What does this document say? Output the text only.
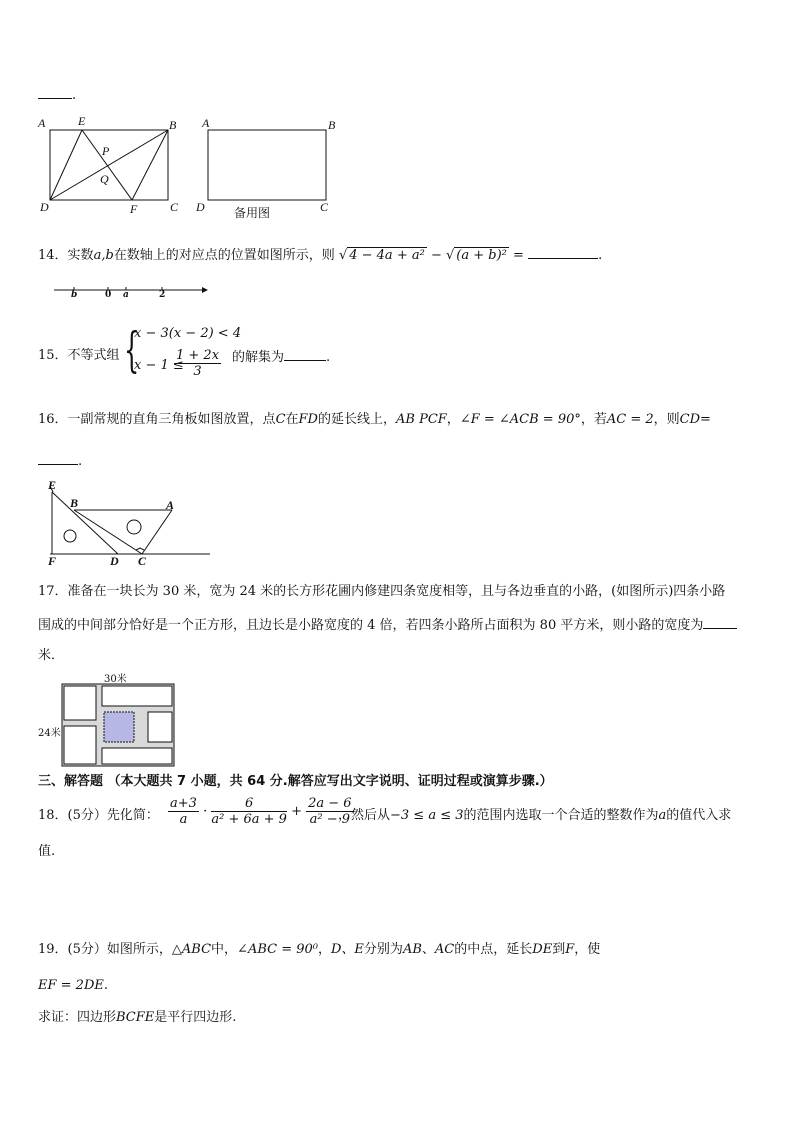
.
A	E	B
P
Q
D	F	C
A	B
D	C
备用图
14．实数a,b在数轴上的对应点的位置如图所示，则 √ 4 − 4a + a² − √ (a + b)² =	.
b	0 a	2
15．不等式组 {
x − 3(x − 2) < 4
x − 1 ≤
$\frac{1 + 2x}{3}$ 的解集为	.
16．一副常规的直角三角板如图放置，点C在FD的延长线上，AB PCF，∠F = ∠ACB = 90°，若AC = 2，则CD=
.
E
B	A
F	D C
17．准备在一块长为 30 米，宽为 24 米的长方形花圃内修建四条宽度相等，且与各边垂直的小路，(如图所示)四条小路
围成的中间部分恰好是一个正方形，且边长是小路宽度的 4 倍，若四条小路所占面积为 80 平方米，则小路的宽度为
米．
30米
24米
三、解答题 （本大题共 7 小题，共 64 分.解答应写出文字说明、证明过程或演算步骤.）
18．(5分）先化简： $\frac{a+3}{a} \cdot \frac{6}{\text{a² + 6a + 9}} + \frac{2a - 6}{\text{a² − 9}}$
，然后从−3 ≤ a ≤ 3的范围内选取一个合适的整数作为a的值代入求
值.
19．(5分）如图所示，△ABC中，∠ABC = 90⁰，D、E分别为AB、AC的中点，延长DE到F，使
EF = 2DE.
求证：四边形BCFE是平行四边形.
